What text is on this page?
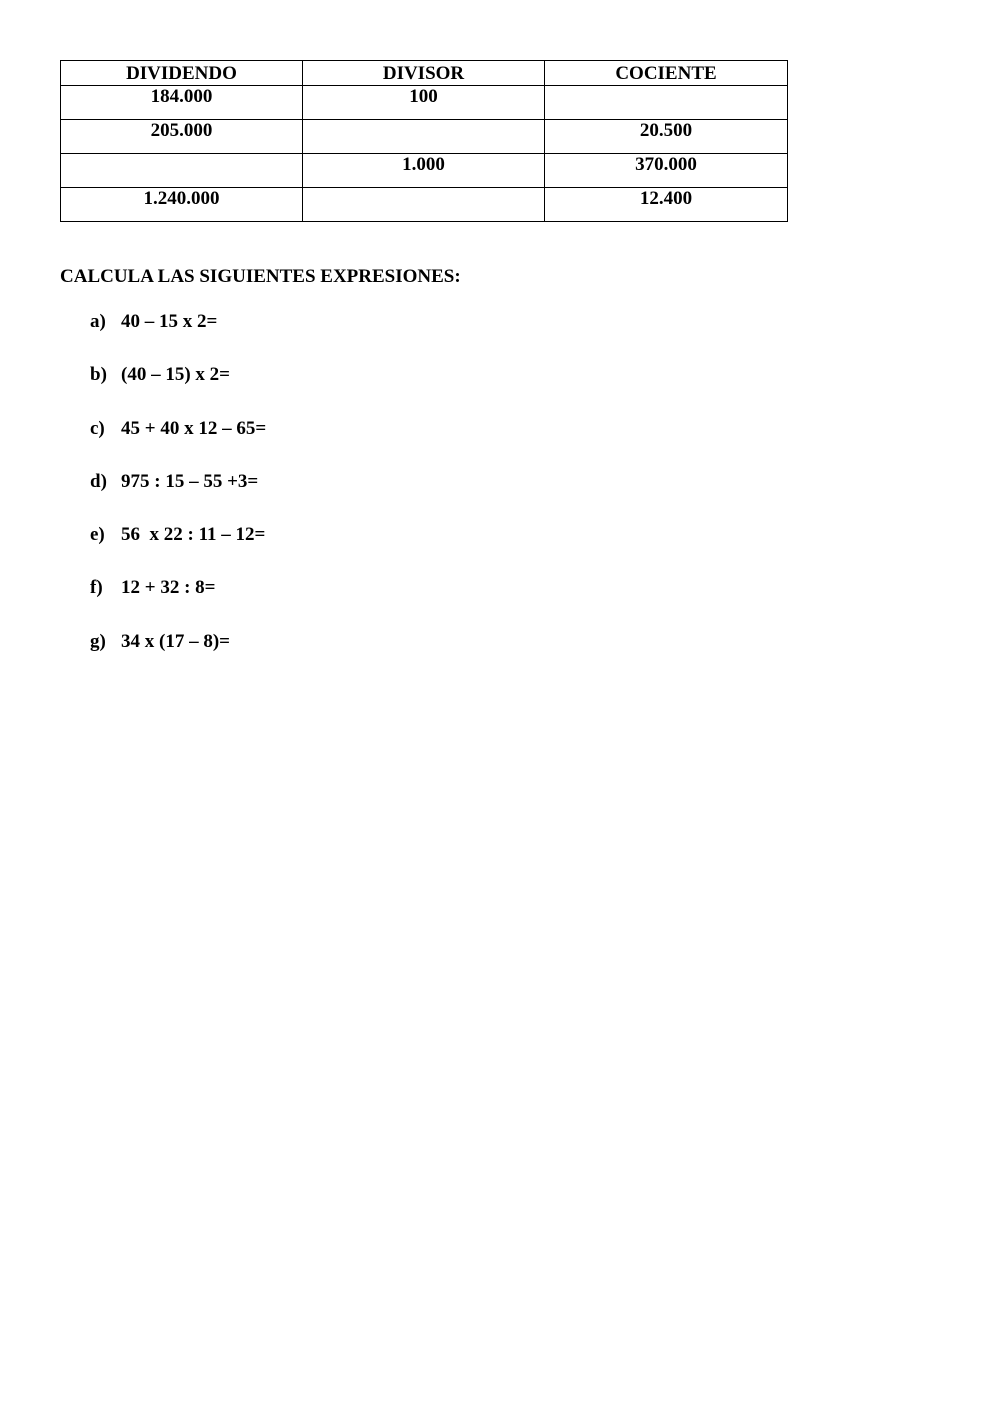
DIVIDENDO	DIVISOR	COCIENTE
184.000	100	
205.000		20.500
	1.000	370.000
1.240.000		12.400
CALCULA LAS SIGUIENTES EXPRESIONES:
a) 40 – 15 x 2=
b) (40 – 15) x 2=
c) 45 + 40 x 12 – 65=
d) 975 : 15 – 55 +3=
e) 56  x 22 : 11 – 12=
f) 12 + 32 : 8=
g) 34 x (17 – 8)=
